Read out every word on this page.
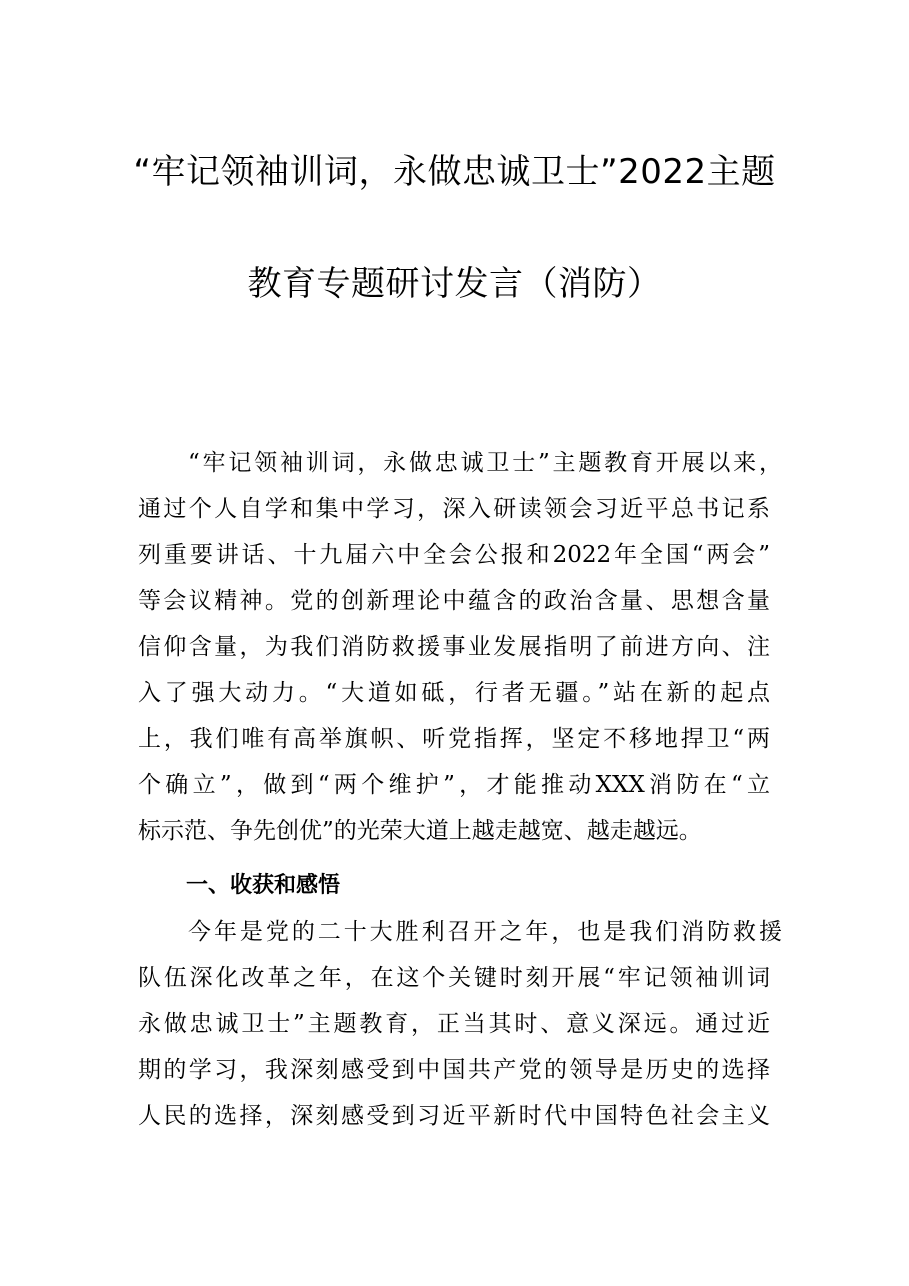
“牢记领袖训词，永做忠诚卫士”2022主题
教育专题研讨发言（消防）
“牢记领袖训词，永做忠诚卫士”主题教育开展以来，
通过个人自学和集中学习，深入研读领会习近平总书记系
列重要讲话、十九届六中全会公报和2022年全国“两会”
等会议精神。党的创新理论中蕴含的政治含量、思想含量
信仰含量，为我们消防救援事业发展指明了前进方向、注
入了强大动力。“大道如砥，行者无疆。”站在新的起点
上，我们唯有高举旗帜、听党指挥，坚定不移地捍卫“两
个确立”，做到“两个维护”，才能推动XXX消防在“立
标示范、争先创优”的光荣大道上越走越宽、越走越远。
一、收获和感悟
今年是党的二十大胜利召开之年，也是我们消防救援
队伍深化改革之年，在这个关键时刻开展“牢记领袖训词
永做忠诚卫士”主题教育，正当其时、意义深远。通过近
期的学习，我深刻感受到中国共产党的领导是历史的选择
人民的选择，深刻感受到习近平新时代中国特色社会主义
